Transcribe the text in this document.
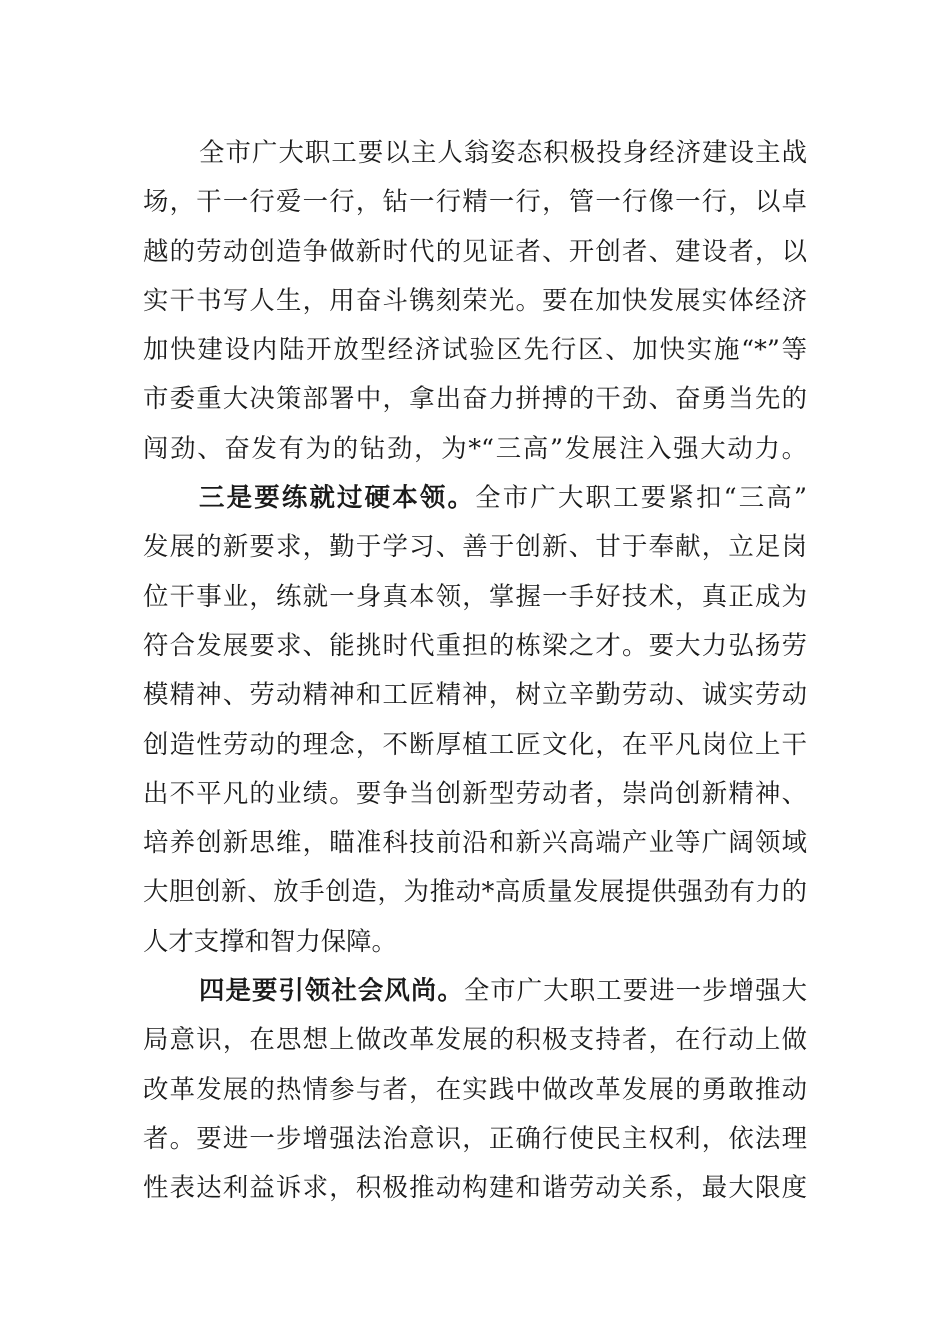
全市广大职工要以主人翁姿态积极投身经济建设主战
场，干一行爱一行，钻一行精一行，管一行像一行，以卓
越的劳动创造争做新时代的见证者、开创者、建设者，以
实干书写人生，用奋斗镌刻荣光。要在加快发展实体经济
加快建设内陆开放型经济试验区先行区、加快实施“*”等
市委重大决策部署中，拿出奋力拼搏的干劲、奋勇当先的
闯劲、奋发有为的钻劲，为*“三高”发展注入强大动力。
三是要练就过硬本领。全市广大职工要紧扣“三高”
发展的新要求，勤于学习、善于创新、甘于奉献，立足岗
位干事业，练就一身真本领，掌握一手好技术，真正成为
符合发展要求、能挑时代重担的栋梁之才。要大力弘扬劳
模精神、劳动精神和工匠精神，树立辛勤劳动、诚实劳动
创造性劳动的理念，不断厚植工匠文化，在平凡岗位上干
出不平凡的业绩。要争当创新型劳动者，崇尚创新精神、
培养创新思维，瞄准科技前沿和新兴高端产业等广阔领域
大胆创新、放手创造，为推动*高质量发展提供强劲有力的
人才支撑和智力保障。
四是要引领社会风尚。全市广大职工要进一步增强大
局意识，在思想上做改革发展的积极支持者，在行动上做
改革发展的热情参与者，在实践中做改革发展的勇敢推动
者。要进一步增强法治意识，正确行使民主权利，依法理
性表达利益诉求，积极推动构建和谐劳动关系，最大限度
